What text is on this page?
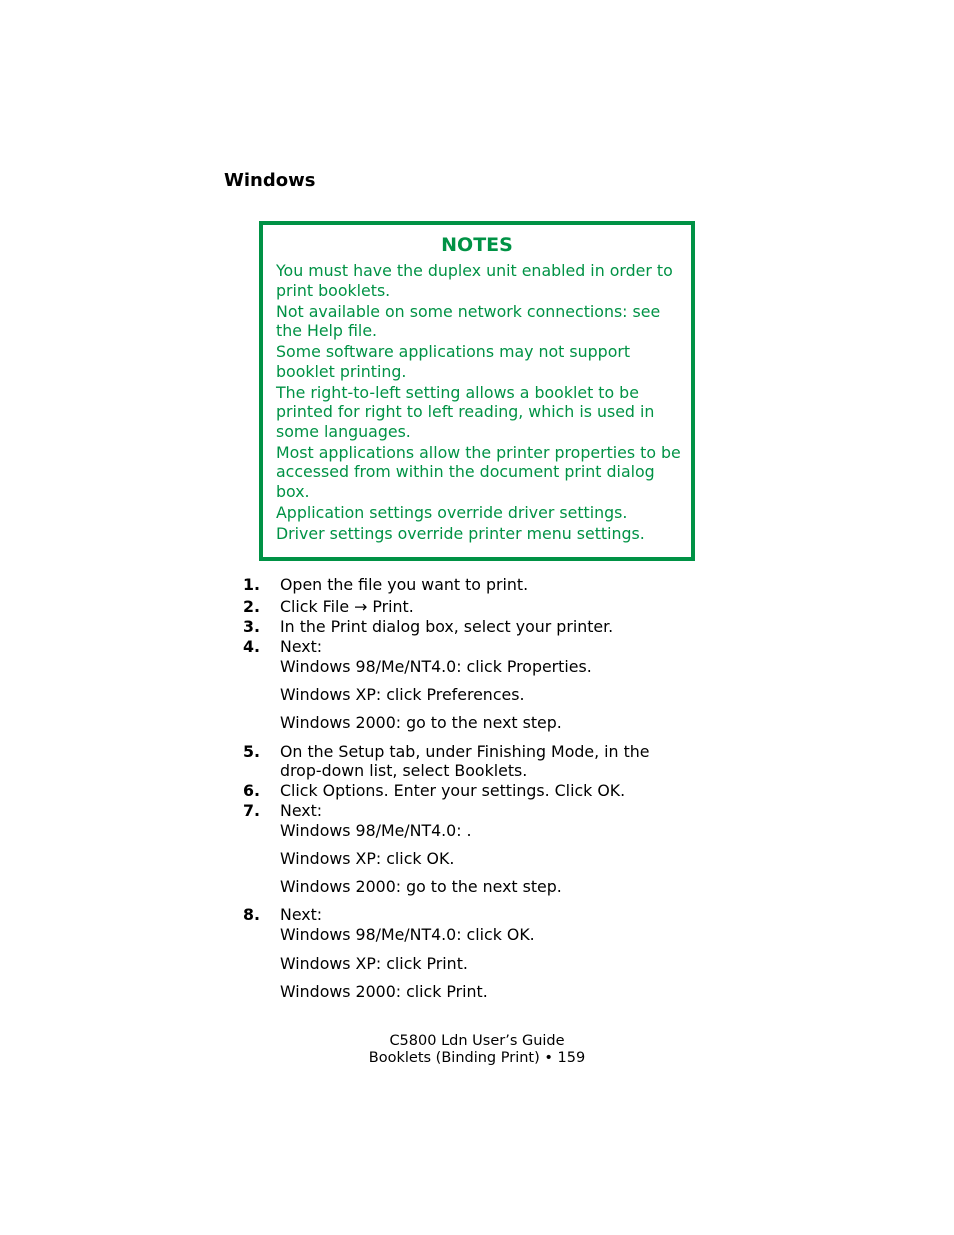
Windows
NOTES
You must have the duplex unit enabled in order to print booklets.
Not available on some network connections: see the Help file.
Some software applications may not support booklet printing.
The right-to-left setting allows a booklet to be printed for right to left reading, which is used in some languages.
Most applications allow the printer properties to be accessed from within the document print dialog box.
Application settings override driver settings.
Driver settings override printer menu settings.
1. Open the file you want to print.
2. Click File → Print.
3. In the Print dialog box, select your printer.
4. Next:
Windows 98/Me/NT4.0: click Properties.
Windows XP: click Preferences.
Windows 2000: go to the next step.
5. On the Setup tab, under Finishing Mode, in the drop-down list, select Booklets.
6. Click Options. Enter your settings. Click OK.
7. Next:
Windows 98/Me/NT4.0: .
Windows XP: click OK.
Windows 2000: go to the next step.
8. Next:
Windows 98/Me/NT4.0: click OK.
Windows XP: click Print.
Windows 2000: click Print.
C5800 Ldn User’s Guide
Booklets (Binding Print) • 159
